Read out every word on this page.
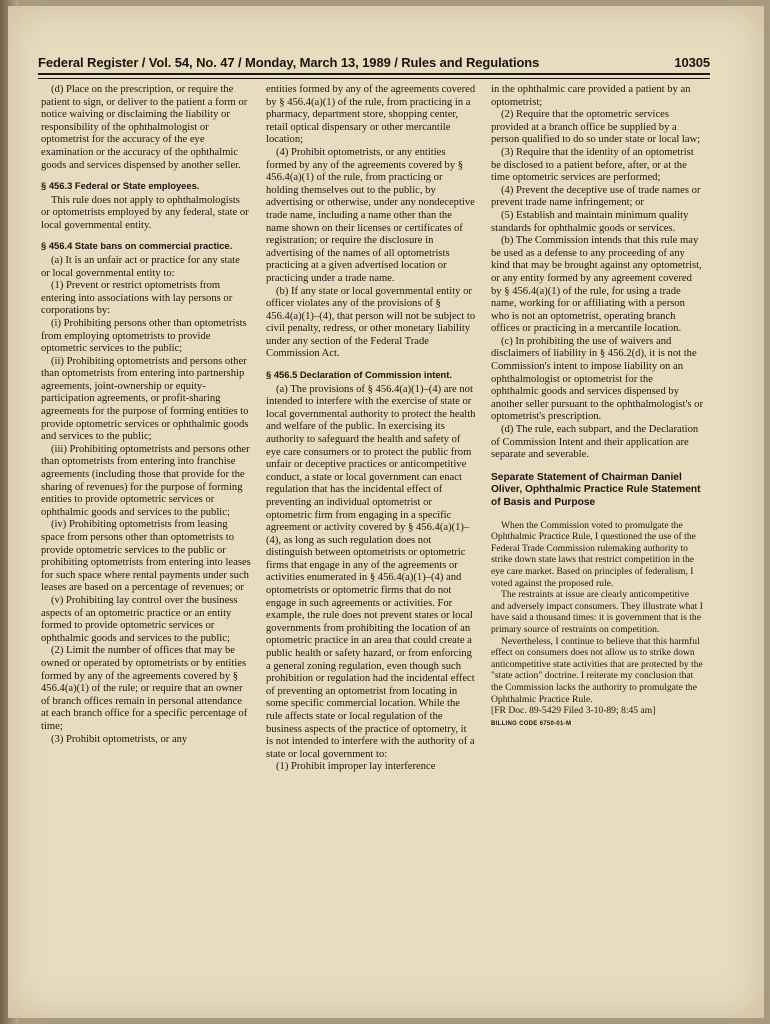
Federal Register / Vol. 54, No. 47 / Monday, March 13, 1989 / Rules and Regulations	10305

(d) Place on the prescription, or require the patient to sign, or deliver to the patient a form or notice waiving or disclaiming the liability or responsibility of the ophthalmologist or optometrist for the accuracy of the eye examination or the accuracy of the ophthalmic goods and services dispensed by another seller.

§ 456.3 Federal or State employees.

This rule does not apply to ophthalmologists or optometrists employed by any federal, state or local governmental entity.

§ 456.4 State bans on commercial practice.

(a) It is an unfair act or practice for any state or local governmental entity to:

(1) Prevent or restrict optometrists from entering into associations with lay persons or corporations by:

(i) Prohibiting persons other than optometrists from employing optometrists to provide optometric services to the public;

(ii) Prohibiting optometrists and persons other than optometrists from entering into partnership agreements, joint-ownership or equity-participation agreements, or profit-sharing agreements for the purpose of forming entities to provide optometric services or ophthalmic goods and services to the public;

(iii) Prohibiting optometrists and persons other than optometrists from entering into franchise agreements (including those that provide for the sharing of revenues) for the purpose of forming entities to provide optometric services or ophthalmic goods and services to the public;

(iv) Prohibiting optometrists from leasing space from persons other than optometrists to provide optometric services to the public or prohibiting optometrists from entering into leases for such space where rental payments under such leases are based on a percentage of revenues; or

(v) Prohibiting lay control over the business aspects of an optometric practice or an entity formed to provide optometric services or ophthalmic goods and services to the public;

(2) Limit the number of offices that may be owned or operated by optometrists or by entities formed by any of the agreements covered by § 456.4(a)(1) of the rule; or require that an owner of branch offices remain in personal attendance at each branch office for a specific percentage of time;

(3) Prohibit optometrists, or any

entities formed by any of the agreements covered by § 456.4(a)(1) of the rule, from practicing in a pharmacy, department store, shopping center, retail optical dispensary or other mercantile location;

(4) Prohibit optometrists, or any entities formed by any of the agreements covered by § 456.4(a)(1) of the rule, from practicing or holding themselves out to the public, by advertising or otherwise, under any nondeceptive trade name, including a name other than the name shown on their licenses or certificates of registration; or require the disclosure in advertising of the names of all optometrists practicing at a given advertised location or practicing under a trade name.

(b) If any state or local governmental entity or officer violates any of the provisions of § 456.4(a)(1)–(4), that person will not be subject to civil penalty, redress, or other monetary liability under any section of the Federal Trade Commission Act.

§ 456.5 Declaration of Commission intent.

(a) The provisions of § 456.4(a)(1)–(4) are not intended to interfere with the exercise of state or local governmental authority to protect the health and welfare of the public. In exercising its authority to safeguard the health and safety of eye care consumers or to protect the public from unfair or deceptive practices or anticompetitive conduct, a state or local government can enact regulation that has the incidental effect of preventing an individual optometrist or optometric firm from engaging in a specific agreement or activity covered by § 456.4(a)(1)–(4), as long as such regulation does not distinguish between optometrists or optometric firms that engage in any of the agreements or activities enumerated in § 456.4(a)(1)–(4) and optometrists or optometric firms that do not engage in such agreements or activities. For example, the rule does not prevent states or local governments from prohibiting the location of an optometric practice in an area that could create a public health or safety hazard, or from enforcing a general zoning regulation, even though such prohibition or regulation had the incidental effect of preventing an optometrist from locating in some specific commercial location. While the rule affects state or local regulation of the business aspects of the practice of optometry, it is not intended to interfere with the authority of a state or local government to:

(1) Prohibit improper lay interference

in the ophthalmic care provided a patient by an optometrist;

(2) Require that the optometric services provided at a branch office be supplied by a person qualified to do so under state or local law;

(3) Require that the identity of an optometrist be disclosed to a patient before, after, or at the time optometric services are performed;

(4) Prevent the deceptive use of trade names or prevent trade name infringement; or

(5) Establish and maintain minimum quality standards for ophthalmic goods or services.

(b) The Commission intends that this rule may be used as a defense to any proceeding of any kind that may be brought against any optometrist, or any entity formed by any agreement covered by § 456.4(a)(1) of the rule, for using a trade name, working for or affiliating with a person who is not an optometrist, operating branch offices or practicing in a mercantile location.

(c) In prohibiting the use of waivers and disclaimers of liability in § 456.2(d), it is not the Commission's intent to impose liability on an ophthalmologist or optometrist for the ophthalmic goods and services dispensed by another seller pursuant to the ophthalmologist's or optometrist's prescription.

(d) The rule, each subpart, and the Declaration of Commission Intent and their application are separate and severable.

Separate Statement of Chairman Daniel Oliver, Ophthalmic Practice Rule Statement of Basis and Purpose

When the Commission voted to promulgate the Ophthalmic Practice Rule, I questioned the use of the Federal Trade Commission rulemaking authority to strike down state laws that restrict competition in the eye care market. Based on principles of federalism, I voted against the proposed rule.

The restraints at issue are clearly anticompetitive and adversely impact consumers. They illustrate what I have said a thousand times: it is government that is the primary source of restraints on competition.

Nevertheless, I continue to believe that this harmful effect on consumers does not allow us to strike down anticompetitive state activities that are protected by the "state action" doctrine. I reiterate my conclusion that the Commission lacks the authority to promulgate the Ophthalmic Practice Rule.

[FR Doc. 89-5429 Filed 3-10-89; 8:45 am]

BILLING CODE 6750-01-M
